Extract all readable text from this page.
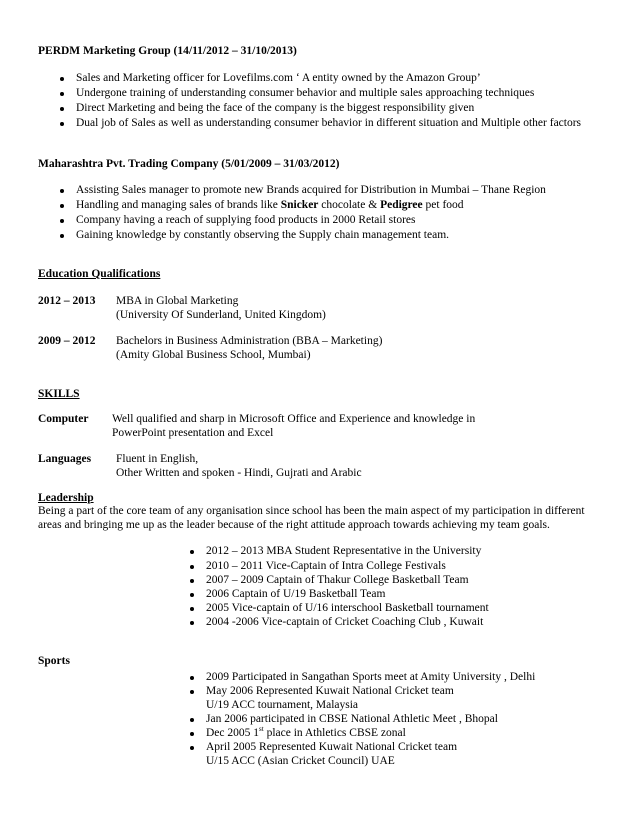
PERDM Marketing Group (14/11/2012 – 31/10/2013)
Sales and Marketing officer for Lovefilms.com ‘ A entity owned by the Amazon Group’
Undergone training of understanding consumer behavior and multiple sales approaching techniques
Direct Marketing and being the face of the company is the biggest responsibility given
Dual job of Sales as well as understanding consumer behavior in different situation and Multiple other factors
Maharashtra Pvt. Trading Company (5/01/2009 – 31/03/2012)
Assisting Sales manager to promote new Brands acquired for Distribution in Mumbai – Thane Region
Handling and managing sales of brands like Snicker chocolate & Pedigree pet food
Company having a reach of supplying food products in 2000 Retail stores
Gaining knowledge by constantly observing the Supply chain management team.
Education Qualifications
2012 – 2013 MBA in Global Marketing
(University Of Sunderland, United Kingdom)
2009 – 2012 Bachelors in Business Administration (BBA – Marketing)
(Amity Global Business School, Mumbai)
SKILLS
Computer Well qualified and sharp in Microsoft Office and Experience and knowledge in
PowerPoint presentation and Excel
Languages Fluent in English,
Other Written and spoken - Hindi, Gujrati and Arabic
Leadership
Being a part of the core team of any organisation since school has been the main aspect of my participation in different areas and bringing me up as the leader because of the right attitude approach towards achieving my team goals.
2012 – 2013 MBA Student Representative in the University
2010 – 2011 Vice-Captain of Intra College Festivals
2007 – 2009 Captain of Thakur College Basketball Team
2006 Captain of U/19 Basketball Team
2005 Vice-captain of U/16 interschool Basketball tournament
2004 -2006 Vice-captain of Cricket Coaching Club , Kuwait
Sports
2009 Participated in Sangathan Sports meet at Amity University , Delhi
May 2006 Represented Kuwait National Cricket team
U/19 ACC tournament, Malaysia
Jan 2006 participated in CBSE National Athletic Meet , Bhopal
Dec 2005 1st place in Athletics CBSE zonal
April 2005 Represented Kuwait National Cricket team
U/15 ACC (Asian Cricket Council) UAE
